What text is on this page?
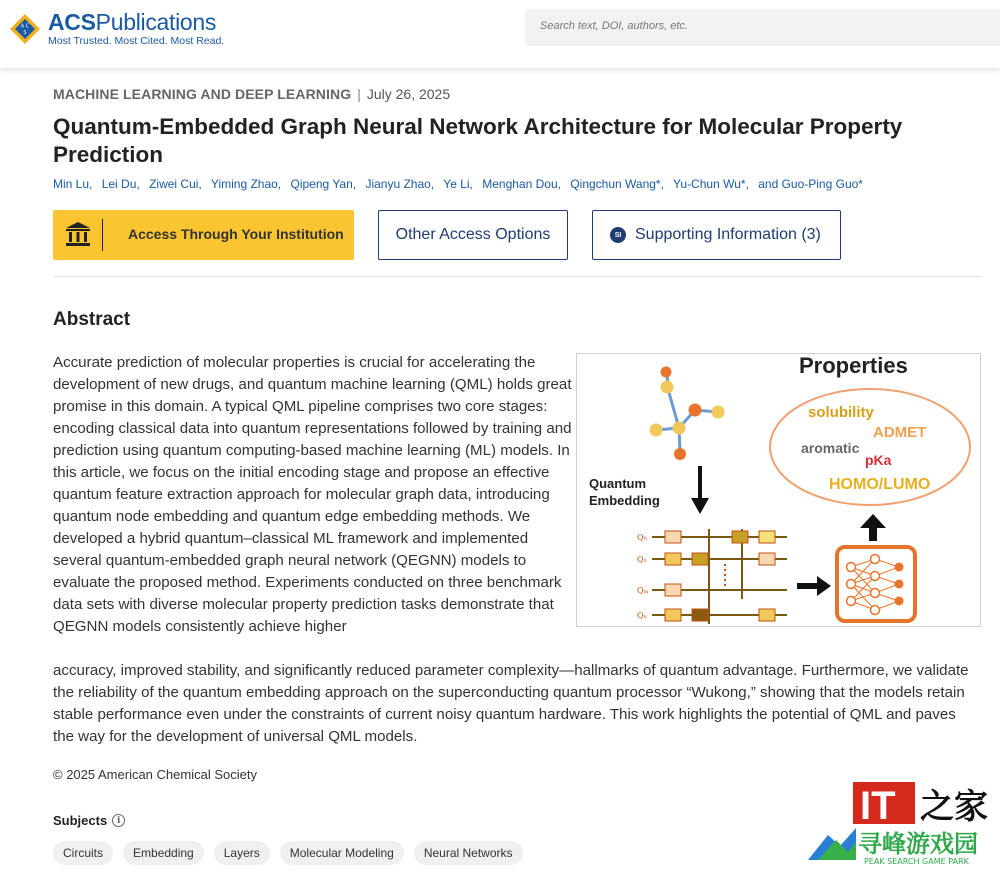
A C
S ACSPublications
Most Trusted. Most Cited. Most Read.
Search text, DOI, authors, etc.
MACHINE LEARNING AND DEEP LEARNING | July 26, 2025
Quantum-Embedded Graph Neural Network Architecture for Molecular Property Prediction
Min Lu, Lei Du, Ziwei Cui, Yiming Zhao, Qipeng Yan, Jianyu Zhao, Ye Li, Menghan Dou, Qingchun Wang*, Yu-Chun Wu*, and Guo-Ping Guo*
Access Through Your Institution	Other Access Options	SI Supporting Information (3)
Abstract

Accurate prediction of molecular properties is crucial for accelerating the development of new drugs, and quantum machine learning (QML) holds great promise in this domain. A typical QML pipeline comprises two core stages: encoding classical data into quantum representations followed by training and prediction using quantum computing-based machine learning (ML) models. In this article, we focus on the initial encoding stage and propose an effective quantum feature extraction approach for molecular graph data, introducing quantum node embedding and quantum edge embedding methods. We developed a hybrid quantum–classical ML framework and implemented several quantum-embedded graph neural network (QEGNN) models to evaluate the proposed method. Experiments conducted on three benchmark data sets with diverse molecular property prediction tasks demonstrate that QEGNN models consistently achieve higher

accuracy, improved stability, and significantly reduced parameter complexity—hallmarks of quantum advantage. Furthermore, we validate the reliability of the quantum embedding approach on the superconducting quantum processor “Wukong,” showing that the models retain stable performance even under the constraints of current noisy quantum hardware. This work highlights the potential of QML and paves the way for the development of universal QML models.

Properties
solubility
ADMET
aromatic
pKa
HOMO/LUMO
Quantum
Embedding
Q₀
Q₁
Qₘ
Qₙ
© 2025 American Chemical Society
Subjects	i
Circuits	Embedding	Layers	Molecular Modeling	Neural Networks
IT 之家
寻峰游戏园
PEAK SEARCH GAME PARK
